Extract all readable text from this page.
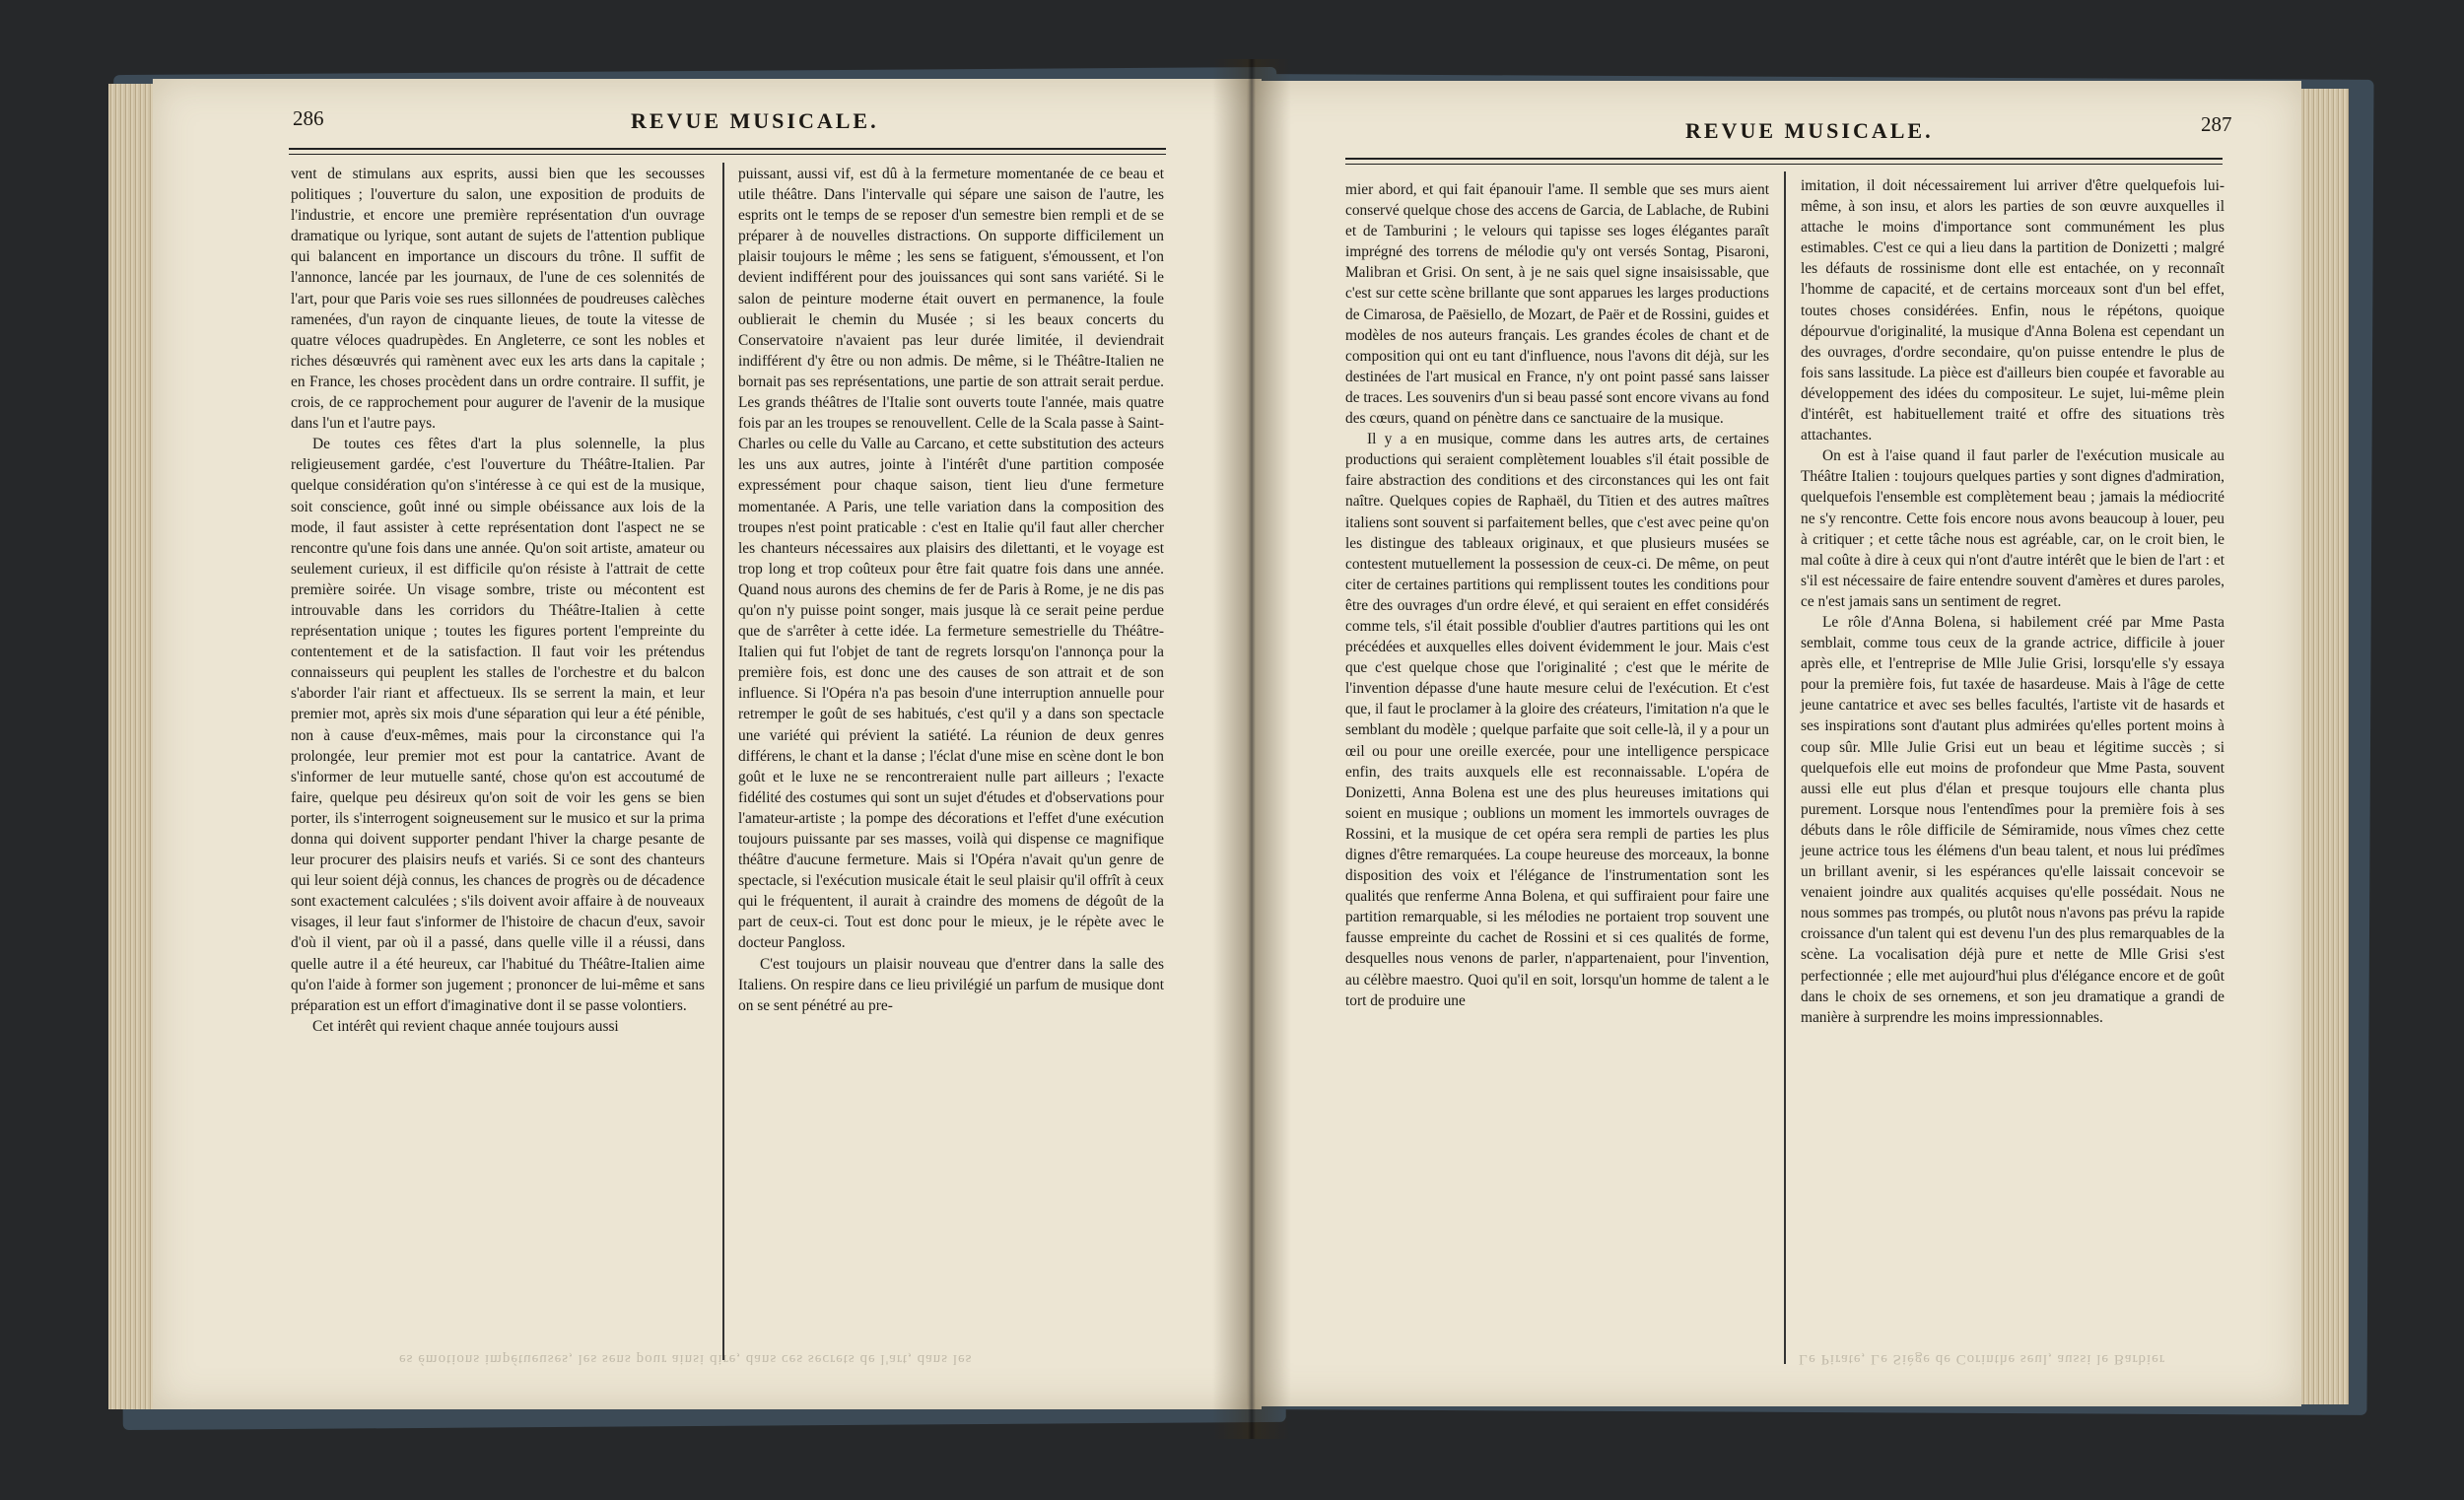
286	REVUE MUSICALE.
es émotions impétueuses, les sens pour ainsi dire, dans ces secrets de l'art, dans les

vent de stimulans aux esprits, aussi bien que les secousses politiques ; l'ouverture du salon, une exposition de produits de l'industrie, et encore une première représentation d'un ouvrage dramatique ou lyrique, sont autant de sujets de l'attention publique qui balancent en importance un discours du trône. Il suffit de l'annonce, lancée par les journaux, de l'une de ces solennités de l'art, pour que Paris voie ses rues sillonnées de poudreuses calèches ramenées, d'un rayon de cinquante lieues, de toute la vitesse de quatre véloces quadrupèdes. En Angleterre, ce sont les nobles et riches désœuvrés qui ramènent avec eux les arts dans la capitale ; en France, les choses procèdent dans un ordre contraire. Il suffit, je crois, de ce rapprochement pour augurer de l'avenir de la musique dans l'un et l'autre pays.

De toutes ces fêtes d'art la plus solennelle, la plus religieusement gardée, c'est l'ouverture du Théâtre-Italien. Par quelque considération qu'on s'intéresse à ce qui est de la musique, soit conscience, goût inné ou simple obéissance aux lois de la mode, il faut assister à cette représentation dont l'aspect ne se rencontre qu'une fois dans une année. Qu'on soit artiste, amateur ou seulement curieux, il est difficile qu'on résiste à l'attrait de cette première soirée. Un visage sombre, triste ou mécontent est introuvable dans les corridors du Théâtre-Italien à cette représentation unique ; toutes les figures portent l'empreinte du contentement et de la satisfaction. Il faut voir les prétendus connaisseurs qui peuplent les stalles de l'orchestre et du balcon s'aborder l'air riant et affectueux. Ils se serrent la main, et leur premier mot, après six mois d'une séparation qui leur a été pénible, non à cause d'eux-mêmes, mais pour la circonstance qui l'a prolongée, leur premier mot est pour la cantatrice. Avant de s'informer de leur mutuelle santé, chose qu'on est accoutumé de faire, quelque peu désireux qu'on soit de voir les gens se bien porter, ils s'interrogent soigneusement sur le musico et sur la prima donna qui doivent supporter pendant l'hiver la charge pesante de leur procurer des plaisirs neufs et variés. Si ce sont des chanteurs qui leur soient déjà connus, les chances de progrès ou de décadence sont exactement calculées ; s'ils doivent avoir affaire à de nouveaux visages, il leur faut s'informer de l'histoire de chacun d'eux, savoir d'où il vient, par où il a passé, dans quelle ville il a réussi, dans quelle autre il a été heureux, car l'habitué du Théâtre-Italien aime qu'on l'aide à former son jugement ; prononcer de lui-même et sans préparation est un effort d'imaginative dont il se passe volontiers.

Cet intérêt qui revient chaque année toujours aussi

puissant, aussi vif, est dû à la fermeture momentanée de ce beau et utile théâtre. Dans l'intervalle qui sépare une saison de l'autre, les esprits ont le temps de se reposer d'un semestre bien rempli et de se préparer à de nouvelles distractions. On supporte difficilement un plaisir toujours le même ; les sens se fatiguent, s'émoussent, et l'on devient indifférent pour des jouissances qui sont sans variété. Si le salon de peinture moderne était ouvert en permanence, la foule oublierait le chemin du Musée ; si les beaux concerts du Conservatoire n'avaient pas leur durée limitée, il deviendrait indifférent d'y être ou non admis. De même, si le Théâtre-Italien ne bornait pas ses représentations, une partie de son attrait serait perdue. Les grands théâtres de l'Italie sont ouverts toute l'année, mais quatre fois par an les troupes se renouvellent. Celle de la Scala passe à Saint-Charles ou celle du Valle au Carcano, et cette substitution des acteurs les uns aux autres, jointe à l'intérêt d'une partition composée expressément pour chaque saison, tient lieu d'une fermeture momentanée. A Paris, une telle variation dans la composition des troupes n'est point praticable : c'est en Italie qu'il faut aller chercher les chanteurs nécessaires aux plaisirs des dilettanti, et le voyage est trop long et trop coûteux pour être fait quatre fois dans une année. Quand nous aurons des chemins de fer de Paris à Rome, je ne dis pas qu'on n'y puisse point songer, mais jusque là ce serait peine perdue que de s'arrêter à cette idée. La fermeture semestrielle du Théâtre-Italien qui fut l'objet de tant de regrets lorsqu'on l'annonça pour la première fois, est donc une des causes de son attrait et de son influence. Si l'Opéra n'a pas besoin d'une interruption annuelle pour retremper le goût de ses habitués, c'est qu'il y a dans son spectacle une variété qui prévient la satiété. La réunion de deux genres différens, le chant et la danse ; l'éclat d'une mise en scène dont le bon goût et le luxe ne se rencontreraient nulle part ailleurs ; l'exacte fidélité des costumes qui sont un sujet d'études et d'observations pour l'amateur-artiste ; la pompe des décorations et l'effet d'une exécution toujours puissante par ses masses, voilà qui dispense ce magnifique théâtre d'aucune fermeture. Mais si l'Opéra n'avait qu'un genre de spectacle, si l'exécution musicale était le seul plaisir qu'il offrît à ceux qui le fréquentent, il aurait à craindre des momens de dégoût de la part de ceux-ci. Tout est donc pour le mieux, je le répète avec le docteur Pangloss.

C'est toujours un plaisir nouveau que d'entrer dans la salle des Italiens. On respire dans ce lieu privilégié un parfum de musique dont on se sent pénétré au pre-

REVUE MUSICALE.	287
Le Pirate, Le Siège de Corinthe seul, aussi le Barbier

mier abord, et qui fait épanouir l'ame. Il semble que ses murs aient conservé quelque chose des accens de Garcia, de Lablache, de Rubini et de Tamburini ; le velours qui tapisse ses loges élégantes paraît imprégné des torrens de mélodie qu'y ont versés Sontag, Pisaroni, Malibran et Grisi. On sent, à je ne sais quel signe insaisissable, que c'est sur cette scène brillante que sont apparues les larges productions de Cimarosa, de Paësiello, de Mozart, de Paër et de Rossini, guides et modèles de nos auteurs français. Les grandes écoles de chant et de composition qui ont eu tant d'influence, nous l'avons dit déjà, sur les destinées de l'art musical en France, n'y ont point passé sans laisser de traces. Les souvenirs d'un si beau passé sont encore vivans au fond des cœurs, quand on pénètre dans ce sanctuaire de la musique.

Il y a en musique, comme dans les autres arts, de certaines productions qui seraient complètement louables s'il était possible de faire abstraction des conditions et des circonstances qui les ont fait naître. Quelques copies de Raphaël, du Titien et des autres maîtres italiens sont souvent si parfaitement belles, que c'est avec peine qu'on les distingue des tableaux originaux, et que plusieurs musées se contestent mutuellement la possession de ceux-ci. De même, on peut citer de certaines partitions qui remplissent toutes les conditions pour être des ouvrages d'un ordre élevé, et qui seraient en effet considérés comme tels, s'il était possible d'oublier d'autres partitions qui les ont précédées et auxquelles elles doivent évidemment le jour. Mais c'est que c'est quelque chose que l'originalité ; c'est que le mérite de l'invention dépasse d'une haute mesure celui de l'exécution. Et c'est que, il faut le proclamer à la gloire des créateurs, l'imitation n'a que le semblant du modèle ; quelque parfaite que soit celle-là, il y a pour un œil ou pour une oreille exercée, pour une intelligence perspicace enfin, des traits auxquels elle est reconnaissable. L'opéra de Donizetti, Anna Bolena est une des plus heureuses imitations qui soient en musique ; oublions un moment les immortels ouvrages de Rossini, et la musique de cet opéra sera rempli de parties les plus dignes d'être remarquées. La coupe heureuse des morceaux, la bonne disposition des voix et l'élégance de l'instrumentation sont les qualités que renferme Anna Bolena, et qui suffiraient pour faire une partition remarquable, si les mélodies ne portaient trop souvent une fausse empreinte du cachet de Rossini et si ces qualités de forme, desquelles nous venons de parler, n'appartenaient, pour l'invention, au célèbre maestro. Quoi qu'il en soit, lorsqu'un homme de talent a le tort de produire une

imitation, il doit nécessairement lui arriver d'être quelquefois lui-même, à son insu, et alors les parties de son œuvre auxquelles il attache le moins d'importance sont communément les plus estimables. C'est ce qui a lieu dans la partition de Donizetti ; malgré les défauts de rossinisme dont elle est entachée, on y reconnaît l'homme de capacité, et de certains morceaux sont d'un bel effet, toutes choses considérées. Enfin, nous le répétons, quoique dépourvue d'originalité, la musique d'Anna Bolena est cependant un des ouvrages, d'ordre secondaire, qu'on puisse entendre le plus de fois sans lassitude. La pièce est d'ailleurs bien coupée et favorable au développement des idées du compositeur. Le sujet, lui-même plein d'intérêt, est habituellement traité et offre des situations très attachantes.

On est à l'aise quand il faut parler de l'exécution musicale au Théâtre Italien : toujours quelques parties y sont dignes d'admiration, quelquefois l'ensemble est complètement beau ; jamais la médiocrité ne s'y rencontre. Cette fois encore nous avons beaucoup à louer, peu à critiquer ; et cette tâche nous est agréable, car, on le croit bien, le mal coûte à dire à ceux qui n'ont d'autre intérêt que le bien de l'art : et s'il est nécessaire de faire entendre souvent d'amères et dures paroles, ce n'est jamais sans un sentiment de regret.

Le rôle d'Anna Bolena, si habilement créé par Mme Pasta semblait, comme tous ceux de la grande actrice, difficile à jouer après elle, et l'entreprise de Mlle Julie Grisi, lorsqu'elle s'y essaya pour la première fois, fut taxée de hasardeuse. Mais à l'âge de cette jeune cantatrice et avec ses belles facultés, l'artiste vit de hasards et ses inspirations sont d'autant plus admirées qu'elles portent moins à coup sûr. Mlle Julie Grisi eut un beau et légitime succès ; si quelquefois elle eut moins de profondeur que Mme Pasta, souvent aussi elle eut plus d'élan et presque toujours elle chanta plus purement. Lorsque nous l'entendîmes pour la première fois à ses débuts dans le rôle difficile de Sémiramide, nous vîmes chez cette jeune actrice tous les élémens d'un beau talent, et nous lui prédîmes un brillant avenir, si les espérances qu'elle laissait concevoir se venaient joindre aux qualités acquises qu'elle possédait. Nous ne nous sommes pas trompés, ou plutôt nous n'avons pas prévu la rapide croissance d'un talent qui est devenu l'un des plus remarquables de la scène. La vocalisation déjà pure et nette de Mlle Grisi s'est perfectionnée ; elle met aujourd'hui plus d'élégance encore et de goût dans le choix de ses ornemens, et son jeu dramatique a grandi de manière à surprendre les moins impressionnables.
